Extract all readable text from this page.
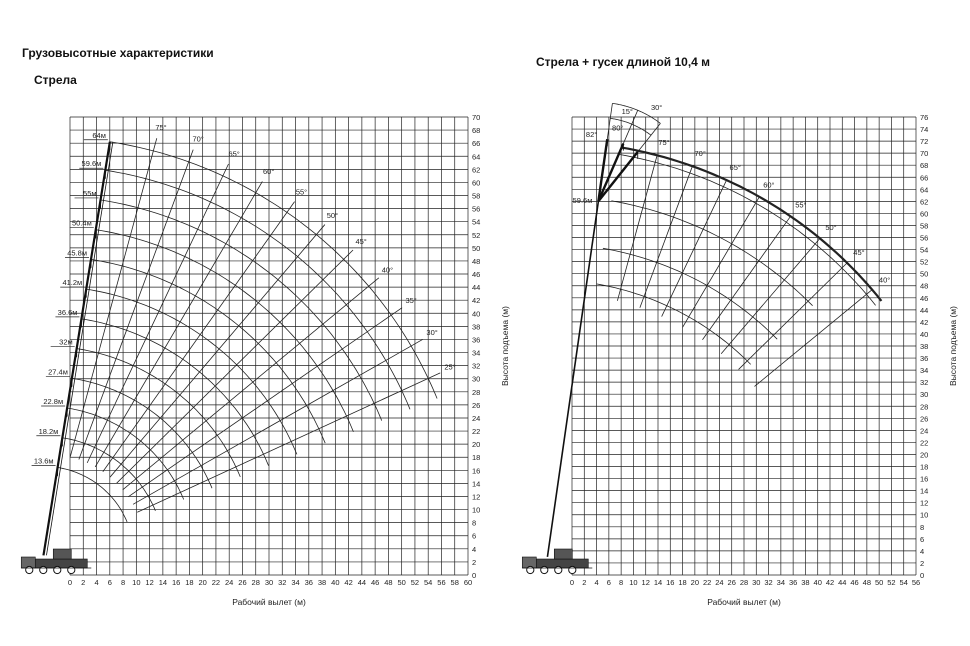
Грузовысотные характеристики
Стрела
Стрела + гусек длиной 10,4 м
0 2 4 6 8 10 12 14 16 18 20 22 24 26 28 30 32 34 36 38 40 42 44 46 48 50 52 54 56 58 60
0
2
4
6
8
10
12
14
16
18
20
22
24
26
28
30
32
34
36
38
40
42
44
46
48
50
52
54
56
58
60
62
64
66
68
70
Рабочий вылет (м)
Высота подъема (м)
75°
70°
65°
60°
55°
50°
45°
40°
35°
30°
25°
64м
59.6м
55м
50.4м
45.8м
41.2м
36.6м
32м
27.4м
22.8м
18.2м
13.6м
0 2 4 6 8 10 12 14 16 18 20 22 24 26 28 30 32 34 36 38 40 42 44 46 48 50 52 54 56
0
2
4
6
8
10
12
14
16
18
20
22
24
26
28
30
32
34
36
38
40
42
44
46
48
50
52
54
56
58
60
62
64
66
68
70
72
74
76
Рабочий вылет (м)
Высота подъема (м)
75°
70°
65°
60°
55°
50°
45°
40°
59.6м
30°
15°
80°
82°
